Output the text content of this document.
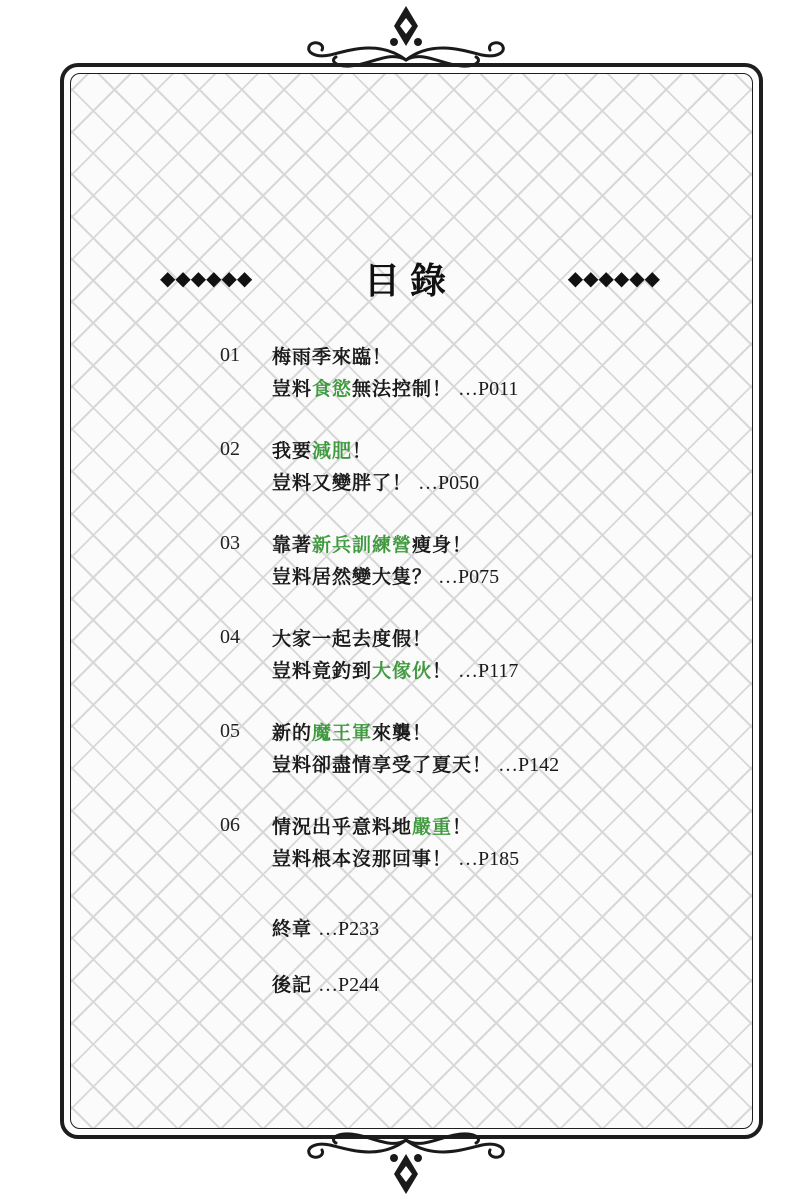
◆◆◆◆◆◆	目錄	◆◆◆◆◆◆
01 梅雨季來臨！
豈料食慾無法控制！ …P011
02 我要減肥！
豈料又變胖了！ …P050
03 靠著新兵訓練營瘦身！
豈料居然變大隻？ …P075
04 大家一起去度假！
豈料竟釣到大傢伙！ …P117
05 新的魔王軍來襲！
豈料卻盡情享受了夏天！ …P142
06 情況出乎意料地嚴重！
豈料根本沒那回事！ …P185
終章 …P233
後記 …P244
